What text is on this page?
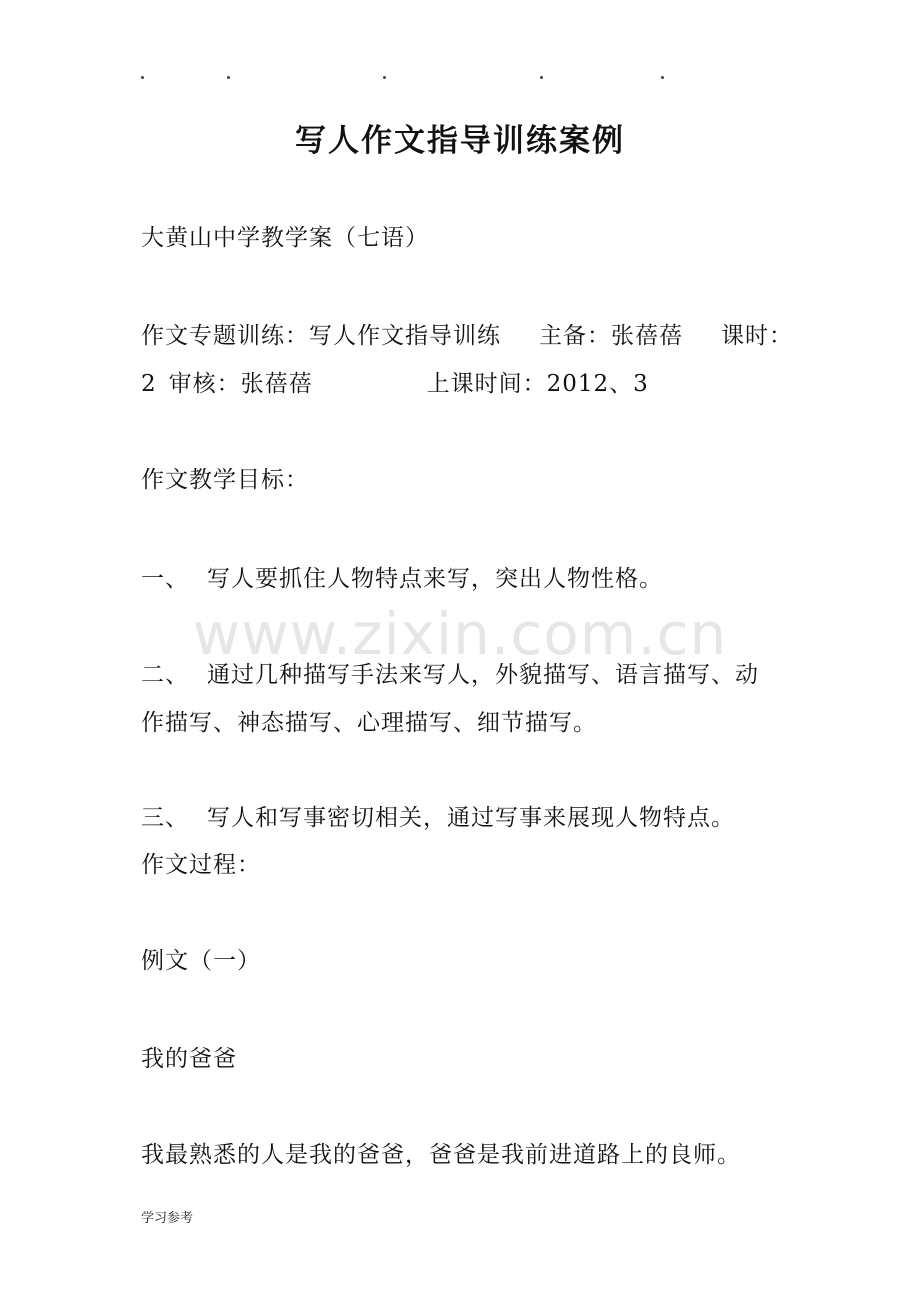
写人作文指导训练案例
大黄山中学教学案（七语）
作文专题训练：写人作文指导训练 主备：张蓓蓓 课时：
2 审核：张蓓蓓	上课时间：2012、3
作文教学目标：
一、 写人要抓住人物特点来写，突出人物性格。
二、 通过几种描写手法来写人，外貌描写、语言描写、动
作描写、神态描写、心理描写、细节描写。
三、 写人和写事密切相关，通过写事来展现人物特点。
作文过程：
例文（一）
我的爸爸
我最熟悉的人是我的爸爸，爸爸是我前进道路上的良师。
www.zixin.com.cn
学习参考
